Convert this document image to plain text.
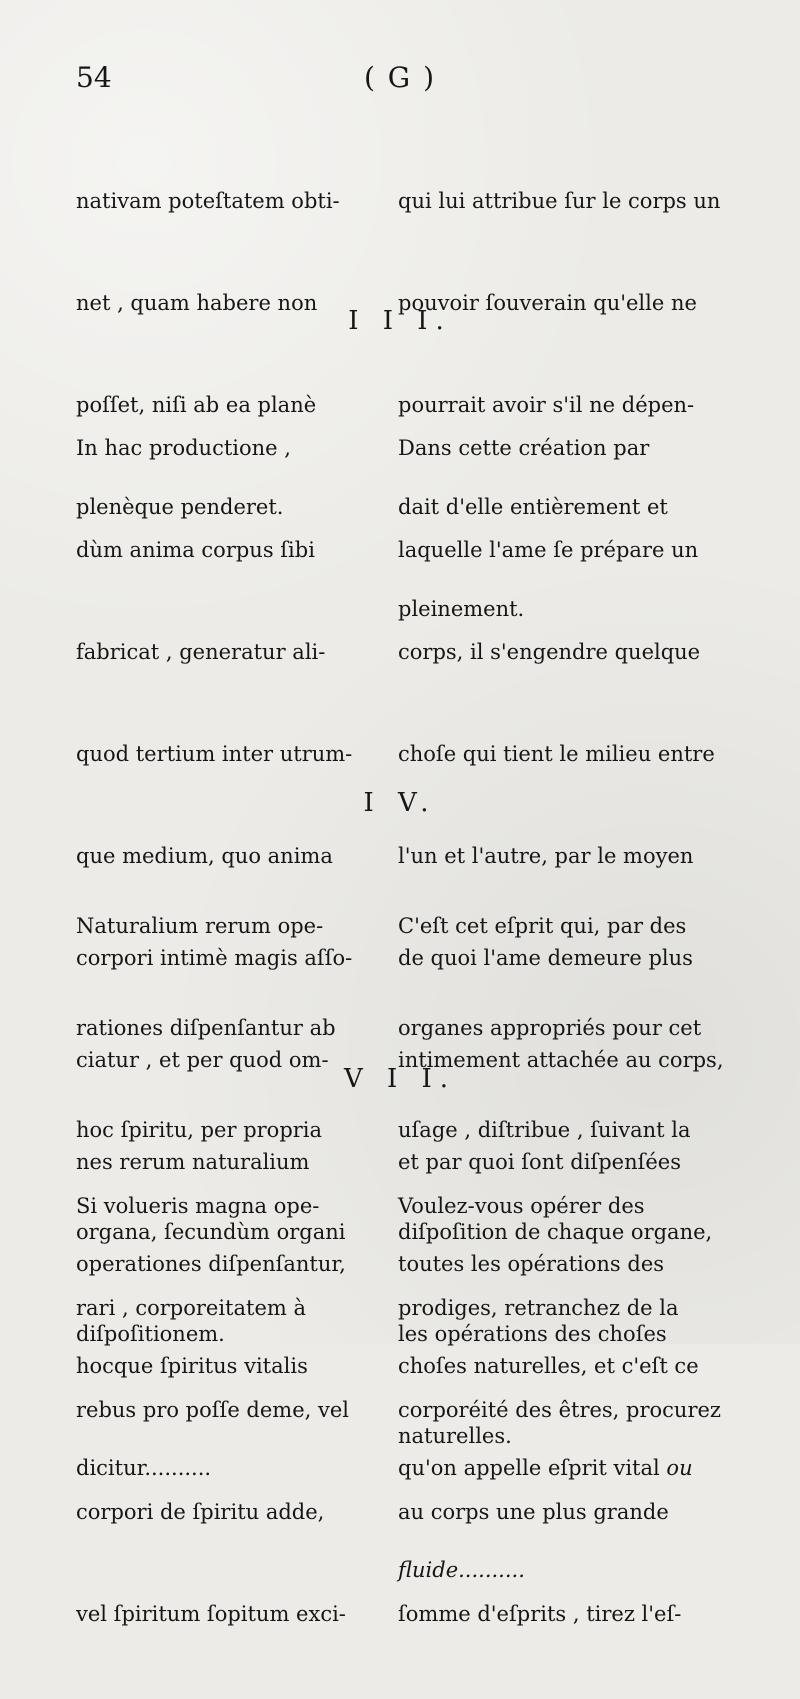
54	( G )

nativam poteſtatem obti-

net , quam habere non

poſſet, niſi ab ea planè

plenèque penderet.

qui lui attribue ſur le corps un

pouvoir ſouverain qu'elle ne

pourrait avoir s'il ne dépen-

dait d'elle entièrement et

pleinement.

I I I.

In hac productione ,

dùm anima corpus ſibi

fabricat , generatur ali-

quod tertium inter utrum-

que medium, quo anima

corpori intimè magis aſſo-

ciatur , et per quod om-

nes rerum naturalium

operationes diſpenſantur,

hocque ſpiritus vitalis

dicitur..........

Dans cette création par

laquelle l'ame ſe prépare un

corps, il s'engendre quelque

choſe qui tient le milieu entre

l'un et l'autre, par le moyen

de quoi l'ame demeure plus

intimement attachée au corps,

et par quoi ſont diſpenſées

toutes les opérations des

choſes naturelles, et c'eſt ce

qu'on appelle eſprit vital ou

fluide..........

I V.

Naturalium rerum ope-

rationes diſpenſantur ab

hoc ſpiritu, per propria

organa, ſecundùm organi

diſpoſitionem.

C'eſt cet eſprit qui, par des

organes appropriés pour cet

uſage , diſtribue , ſuivant la

diſpoſition de chaque organe,

les opérations des choſes

naturelles.

V I I.

Si volueris magna ope-

rari , corporeitatem à

rebus pro poſſe deme, vel

corpori de ſpiritu adde,

vel ſpiritum ſopitum exci-

Voulez-vous opérer des

prodiges, retranchez de la

corporéité des êtres, procurez

au corps une plus grande

ſomme d'eſprits , tirez l'eſ-
